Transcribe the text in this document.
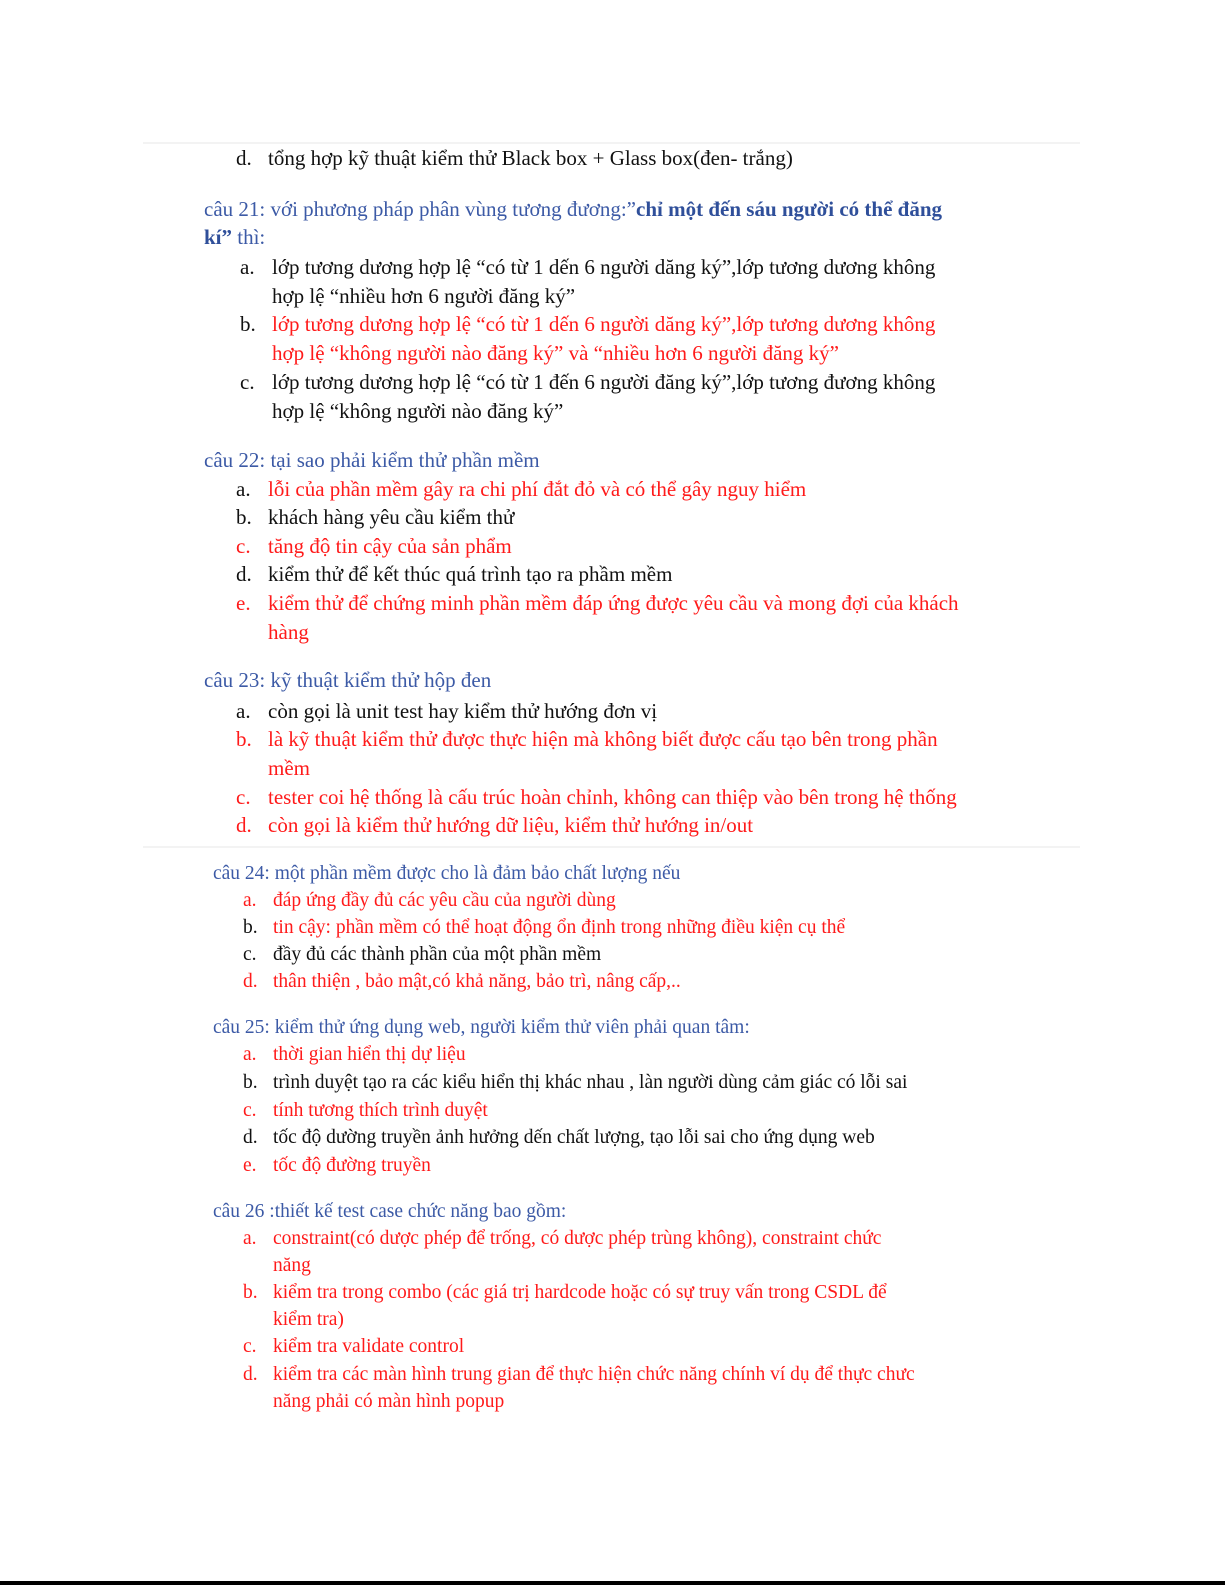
d. tổng hợp kỹ thuật kiểm thử Black box + Glass box(đen- trắng)
câu 21: với phương pháp phân vùng tương đương:”chỉ một đến sáu người có thể đăng
kí” thì:
a. lớp tương dương hợp lệ “có từ 1 dến 6 người dăng ký”,lớp tương dương không
hợp lệ “nhiều hơn 6 người đăng ký”
b. lớp tương dương hợp lệ “có từ 1 dến 6 người dăng ký”,lớp tương dương không
hợp lệ “không người nào đăng ký” và “nhiều hơn 6 người đăng ký”
c. lớp tương dương hợp lệ “có từ 1 đến 6 người đăng ký”,lớp tương đương không
hợp lệ “không người nào đăng ký”
câu 22: tại sao phải kiểm thử phần mềm
a. lỗi của phần mềm gây ra chi phí đắt đỏ và có thể gây nguy hiểm
b. khách hàng yêu cầu kiểm thử
c. tăng độ tin cậy của sản phẩm
d. kiểm thử để kết thúc quá trình tạo ra phầm mềm
e. kiểm thử để chứng minh phần mềm đáp ứng được yêu cầu và mong đợi của khách
hàng
câu 23: kỹ thuật kiểm thử hộp đen
a. còn gọi là unit test hay kiểm thử hướng đơn vị
b. là kỹ thuật kiểm thử được thực hiện mà không biết được cấu tạo bên trong phần
mềm
c. tester coi hệ thống là cấu trúc hoàn chỉnh, không can thiệp vào bên trong hệ thống
d. còn gọi là kiểm thử hướng dữ liệu, kiểm thử hướng in/out
câu 24: một phần mềm được cho là đảm bảo chất lượng nếu
a. đáp ứng đầy đủ các yêu cầu của người dùng
b. tin cậy: phần mềm có thể hoạt động ổn định trong những điều kiện cụ thể
c. đầy đủ các thành phần của một phần mềm
d. thân thiện , bảo mật,có khả năng, bảo trì, nâng cấp,..
câu 25: kiểm thử ứng dụng web, người kiểm thử viên phải quan tâm:
a. thời gian hiển thị dự liệu
b. trình duyệt tạo ra các kiểu hiển thị khác nhau , làn người dùng cảm giác có lỗi sai
c. tính tương thích trình duyệt
d. tốc độ dường truyền ảnh hưởng dến chất lượng, tạo lỗi sai cho ứng dụng web
e. tốc độ đường truyền
câu 26 :thiết kế test case chức năng bao gồm:
a. constraint(có dược phép để trống, có dược phép trùng không), constraint chức
năng
b. kiểm tra trong combo (các giá trị hardcode hoặc có sự truy vấn trong CSDL để
kiểm tra)
c. kiểm tra validate control
d. kiểm tra các màn hình trung gian để thực hiện chức năng chính ví dụ để thực chưc
năng phải có màn hình popup
